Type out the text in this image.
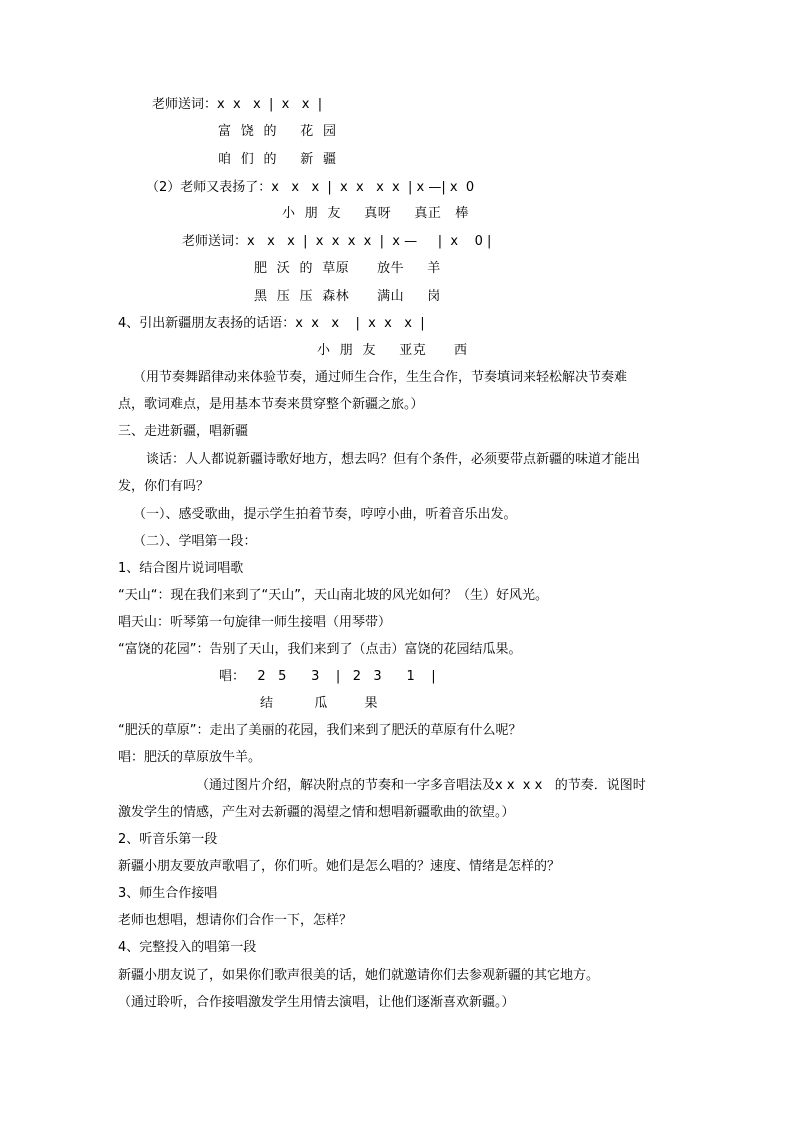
老师送词：x  x   x  |  x   x  |
富  饶  的     花  园
咱  们  的     新  疆
（2）老师又表扬了：x   x   x  |  x  x   x  x  | x —| x  0
小  朋  友     真呀     真正   棒
老师送词：x   x   x  |  x  x  x  x  |  x —     |  x    0 |
肥  沃  的  草原      放牛     羊
黑  压  压  森林      满山     岗
4、引出新疆朋友表扬的话语：x  x   x    |  x  x   x  |
小  朋  友     亚克      西
（用节奏舞蹈律动来体验节奏，通过师生合作，生生合作，节奏填词来轻松解决节奏难
点，歌词难点，是用基本节奏来贯穿整个新疆之旅。）
三、走进新疆，唱新疆
谈话：人人都说新疆诗歌好地方，想去吗？但有个条件，必须要带点新疆的味道才能出
发，你们有吗？
（一）、感受歌曲，提示学生拍着节奏，哼哼小曲，听着音乐出发。
（二）、学唱第一段：
1、结合图片说词唱歌
“天山“：现在我们来到了“天山”，天山南北坡的风光如何？（生）好风光。
唱天山：听琴第一句旋律一师生接唱（用琴带）
“富饶的花园”：告别了天山，我们来到了（点击）富饶的花园结瓜果。
唱：   2   5      3    |   2   3      1    |
结          瓜         果
“肥沃的草原”：走出了美丽的花园，我们来到了肥沃的草原有什么呢？
唱：肥沃的草原放牛羊。
（通过图片介绍，解决附点的节奏和一字多音唱法及x x  x x   的节奏．说图时
激发学生的情感，产生对去新疆的渴望之情和想唱新疆歌曲的欲望。）
2、听音乐第一段
新疆小朋友要放声歌唱了，你们听。她们是怎么唱的？速度、情绪是怎样的？
3、师生合作接唱
老师也想唱，想请你们合作一下，怎样？
4、完整投入的唱第一段
新疆小朋友说了，如果你们歌声很美的话，她们就邀请你们去参观新疆的其它地方。
（通过聆听，合作接唱激发学生用情去演唱，让他们逐渐喜欢新疆。）
